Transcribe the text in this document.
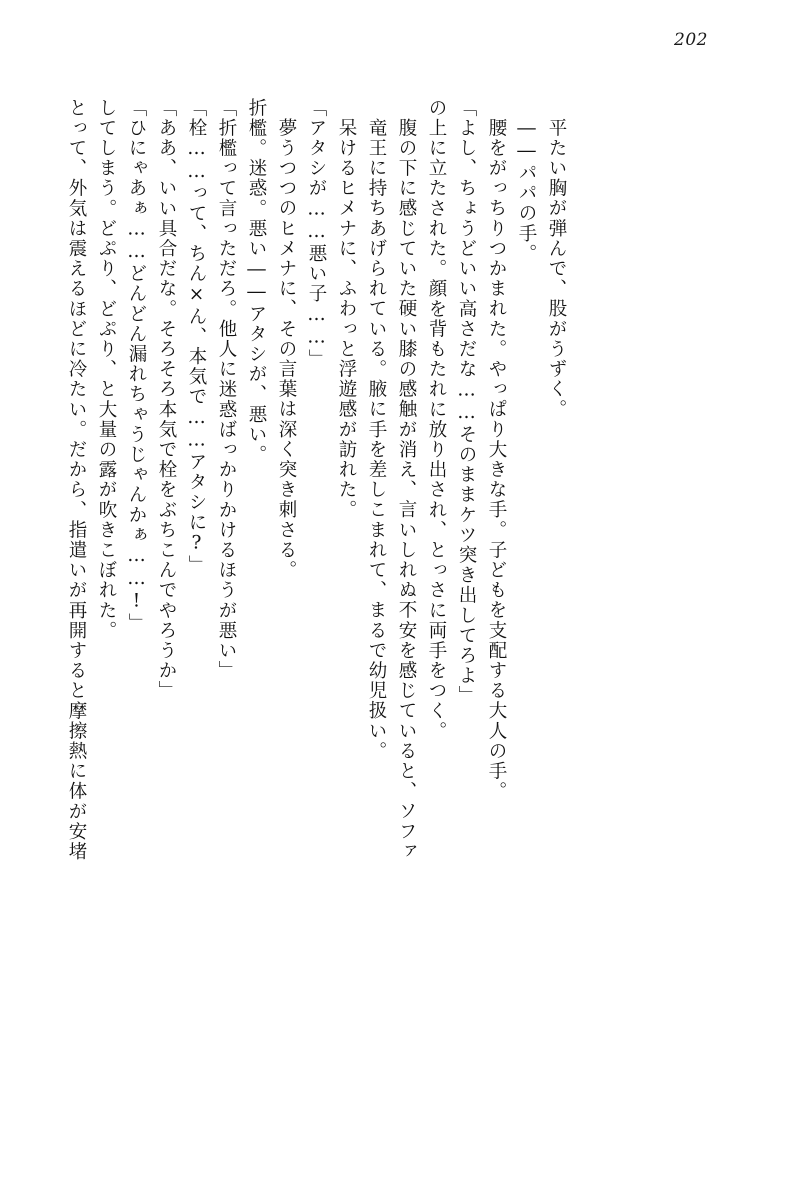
202
とって、外気は震えるほどに冷たい。だから、指遣いが再開すると摩擦熱に体が安堵 してしまう。どぷり、どぷり、と大量の露が吹きこぼれた。 「ひにゃあぁ……どんどん漏れちゃうじゃんかぁ……!」 「ああ、いい具合だな。そろそろ本気で栓をぶちこんでやろうか」 「栓……って、ちん×ん、本気で……アタシに?」 「折檻って言っただろ。他人に迷惑ばっかりかけるほうが悪い」 折檻。迷惑。悪い――アタシが、悪い。 夢うつつのヒメナに、その言葉は深く突き刺さる。 「アタシが……悪い子……」 呆けるヒメナに、ふわっと浮遊感が訪れた。 竜王に持ちあげられている。腋に手を差しこまれて、まるで幼児扱い。 腹の下に感じていた硬い膝の感触が消え、言いしれぬ不安を感じていると、ソファ の上に立たされた。顔を背もたれに放り出され、とっさに両手をつく。 「よし、ちょうどいい高さだな……そのままケツ突き出してろよ」 腰をがっちりつかまれた。やっぱり大きな手。子どもを支配する大人の手。 ――パパの手。 平たい胸が弾んで、股がうずく。
